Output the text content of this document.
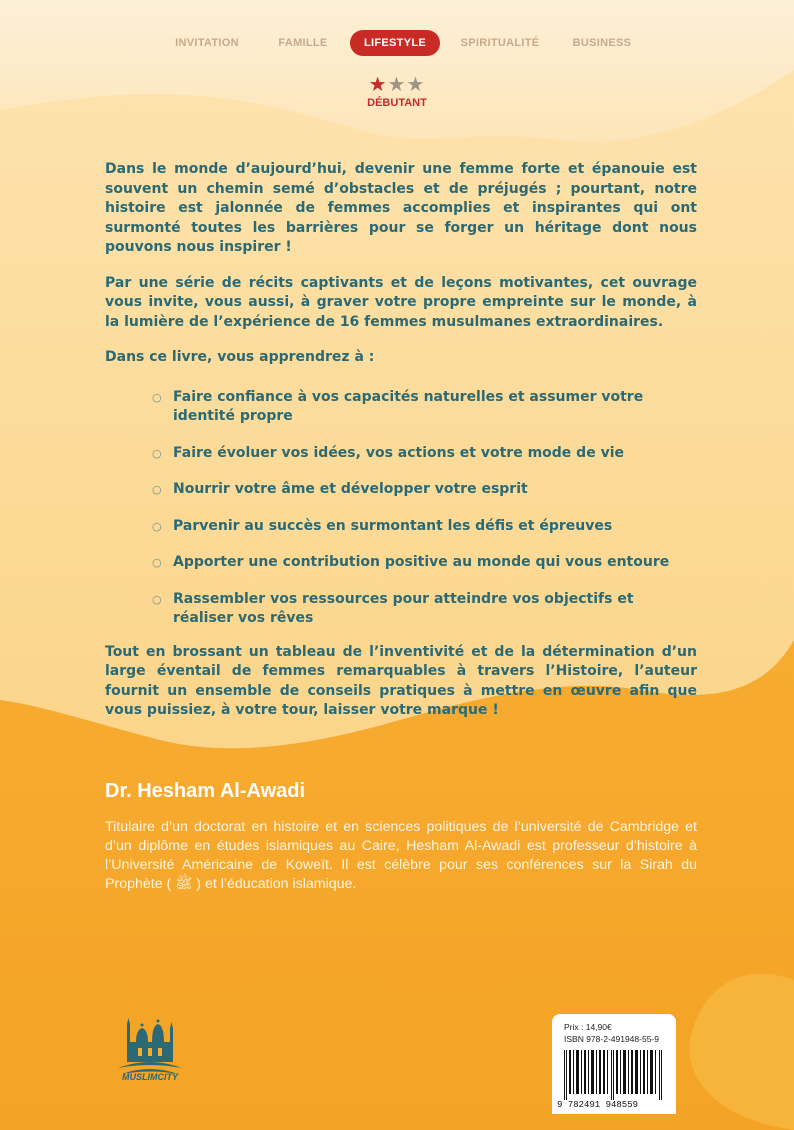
INVITATION	FAMILLE	LIFESTYLE	SPIRITUALITÉ	BUSINESS
★★★
DÉBUTANT

Dans le monde d’aujourd’hui, devenir une femme forte et épanouie est souvent un chemin semé d’obstacles et de préjugés ; pourtant, notre histoire est jalonnée de femmes accomplies et inspirantes qui ont surmonté toutes les barrières pour se forger un héritage dont nous pouvons nous inspirer !

Par une série de récits captivants et de leçons motivantes, cet ouvrage vous invite, vous aussi, à graver votre propre empreinte sur le monde, à la lumière de l’expérience de 16 femmes musulmanes extraordinaires.

Dans ce livre, vous apprendrez à :

○ Faire confiance à vos capacités naturelles et assumer votre identité propre
○ Faire évoluer vos idées, vos actions et votre mode de vie
○ Nourrir votre âme et développer votre esprit
○ Parvenir au succès en surmontant les défis et épreuves
○ Apporter une contribution positive au monde qui vous entoure
○ Rassembler vos ressources pour atteindre vos objectifs et réaliser vos rêves

Tout en brossant un tableau de l’inventivité et de la détermination d’un large éventail de femmes remarquables à travers l’Histoire, l’auteur fournit un ensemble de conseils pratiques à mettre en œuvre afin que vous puissiez, à votre tour, laisser votre marque !

Dr. Hesham Al-Awadi
Titulaire d’un doctorat en histoire et en sciences politiques de l’université de Cambridge et d’un diplôme en études islamiques au Caire, Hesham Al-Awadi est professeur d’histoire à l’Université Américaine de Koweït. Il est célèbre pour ses conférences sur la Sirah du Prophète ( ﷺ ) et l’éducation islamique.
MUSLIMCITY
Prix : 14,90€
ISBN 978-2-491948-55-9
9 782491 948559
